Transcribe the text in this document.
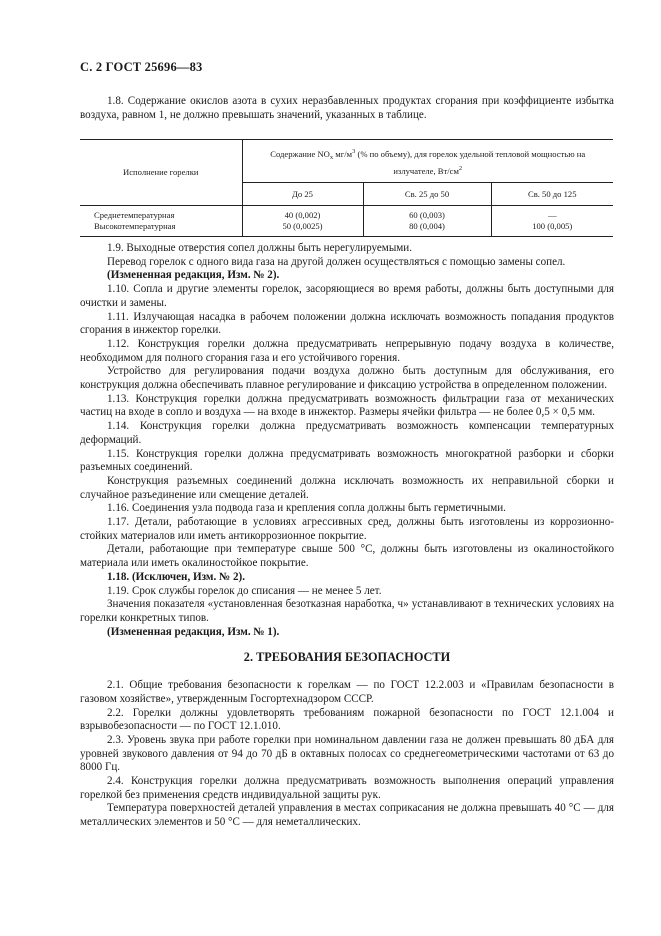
С. 2 ГОСТ 25696—83

1.8. Содержание окислов азота в сухих неразбавленных продуктах сгорания при коэффициенте избытка воздуха, равном 1, не должно превышать значений, указанных в таблице.

Исполнение горелки	Содержание $NO_x$ $мг/м^3$ (% по объему), для горелок удельной тепловой мощностью на излучателе, $Вт/см^2$
	До 25	Св. 25 до 50	Св. 50 до 125
Среднетемпературная	40 (0,002)	60 (0,003)	—
Высокотемпературная	50 (0,0025)	80 (0,004)	100 (0,005)

1.9. Выходные отверстия сопел должны быть нерегулируемыми.

Перевод горелок с одного вида газа на другой должен осуществляться с помощью замены сопел.

(Измененная редакция, Изм. № 2).

1.10. Сопла и другие элементы горелок, засоряющиеся во время работы, должны быть доступными для очистки и замены.

1.11. Излучающая насадка в рабочем положении должна исключать возможность попадания продуктов сгорания в инжектор горелки.

1.12. Конструкция горелки должна предусматривать непрерывную подачу воздуха в количестве, необходимом для полного сгорания газа и его устойчивого горения.

Устройство для регулирования подачи воздуха должно быть доступным для обслуживания, его конструкция должна обеспечивать плавное регулирование и фиксацию устройства в определенном положении.

1.13. Конструкция горелки должна предусматривать возможность фильтрации газа от механических частиц на входе в сопло и воздуха — на входе в инжектор. Размеры ячейки фильтра — не более 0,5 × 0,5 мм.

1.14. Конструкция горелки должна предусматривать возможность компенсации температурных деформаций.

1.15. Конструкция горелки должна предусматривать возможность многократной разборки и сборки разъемных соединений.

Конструкция разъемных соединений должна исключать возможность их неправильной сборки и случайное разъединение или смещение деталей.

1.16. Соединения узла подвода газа и крепления сопла должны быть герметичными.

1.17. Детали, работающие в условиях агрессивных сред, должны быть изготовлены из коррозионно-стойких материалов или иметь антикоррозионное покрытие.

Детали, работающие при температуре свыше 500 °С, должны быть изготовлены из окалиностойкого материала или иметь окалиностойкое покрытие.

1.18. (Исключен, Изм. № 2).

1.19. Срок службы горелок до списания — не менее 5 лет.

Значения показателя «установленная безотказная наработка, ч» устанавливают в технических условиях на горелки конкретных типов.

(Измененная редакция, Изм. № 1).

2. ТРЕБОВАНИЯ БЕЗОПАСНОСТИ

2.1. Общие требования безопасности к горелкам — по ГОСТ 12.2.003 и «Правилам безопасности в газовом хозяйстве», утвержденным Госгортехнадзором СССР.

2.2. Горелки должны удовлетворять требованиям пожарной безопасности по ГОСТ 12.1.004 и взрывобезопасности — по ГОСТ 12.1.010.

2.3. Уровень звука при работе горелки при номинальном давлении газа не должен превышать 80 дБА для уровней звукового давления от 94 до 70 дБ в октавных полосах со среднегеометрическими частотами от 63 до 8000 Гц.

2.4. Конструкция горелки должна предусматривать возможность выполнения операций управления горелкой без применения средств индивидуальной защиты рук.

Температура поверхностей деталей управления в местах соприкасания не должна превышать 40 °С — для металлических элементов и 50 °С — для неметаллических.
